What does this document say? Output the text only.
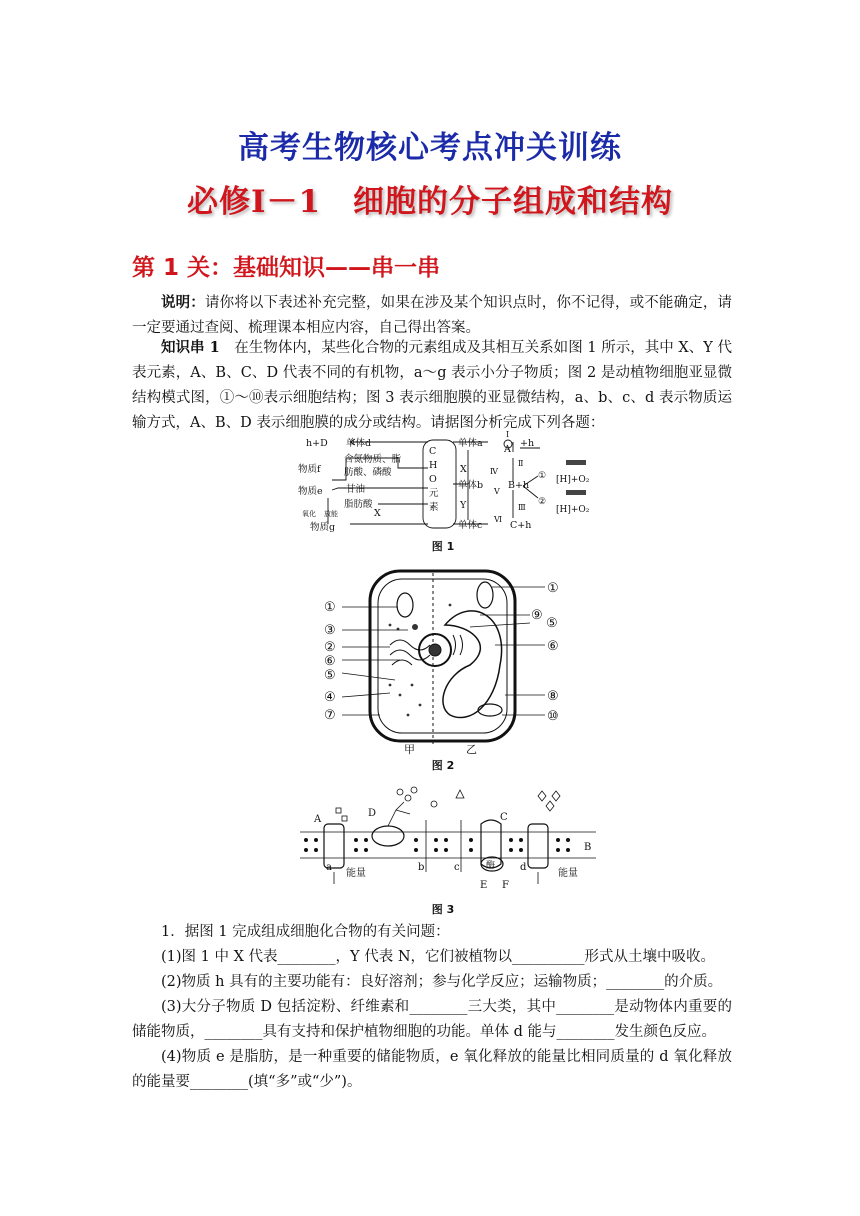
高考生物核心考点冲关训练
必修Ⅰ－1　细胞的分子组成和结构
第 1 关：基础知识——串一串
说明：请你将以下表述补充完整，如果在涉及某个知识点时，你不记得，或不能确定，请一定要通过查阅、梳理课本相应内容，自己得出答案。
知识串 1　在生物体内，某些化合物的元素组成及其相互关系如图 1 所示，其中 X、Y 代表元素，A、B、C、D 代表不同的有机物，a～g 表示小分子物质；图 2 是动植物细胞亚显微结构模式图，①～⑩表示细胞结构；图 3 表示细胞膜的亚显微结构，a、b、c、d 表示物质运输方式，A、B、D 表示细胞膜的成分或结构。请据图分析完成下列各题：
h+D 单体d
含氮物质、脂
肪酸、磷酸
物质f
甘油
物质e
脂肪酸
氧化 放能	X
物质g
C
H
O
元
素
X
Y
单体a
A
+h
Ⅰ
Ⅳ
Ⅱ
单体b
Ⅴ
B+h
Ⅲ
Ⅵ
单体c	C+h
①
②
[H]+O₂
[H]+O₂
图 1
①
③
②
⑥
⑤
④
⑦
①
⑨
⑤
⑥
⑧
⑩
甲	乙
图 2
A
D	C
B
a	b	c	d
能量	能量
酶
E F
图 3
1．据图 1 完成组成细胞化合物的有关问题：
(1)图 1 中 X 代表________，Y 代表 N，它们被植物以__________形式从土壤中吸收。
(2)物质 h 具有的主要功能有：良好溶剂；参与化学反应；运输物质；________的介质。
(3)大分子物质 D 包括淀粉、纤维素和________三大类，其中________是动物体内重要的储能物质，________具有支持和保护植物细胞的功能。单体 d 能与________发生颜色反应。
(4)物质 e 是脂肪，是一种重要的储能物质，e 氧化释放的能量比相同质量的 d 氧化释放的能量要________(填“多”或“少”)。
